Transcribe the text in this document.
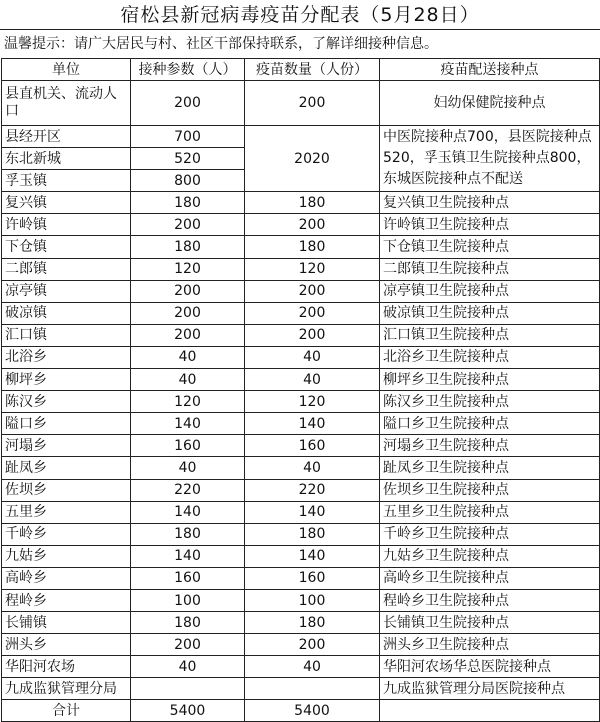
宿松县新冠病毒疫苗分配表（5月28日）
温馨提示：请广大居民与村、社区干部保持联系，了解详细接种信息。
单位	接种参数（人）	疫苗数量（人份）	疫苗配送接种点
县直机关、流动人口	200	200	妇幼保健院接种点
县经开区	700	2020	中医院接种点700，县医院接种点520，孚玉镇卫生院接种点800，东城医院接种点不配送
东北新城	520		
孚玉镇	800		
复兴镇	180	180	复兴镇卫生院接种点
许岭镇	200	200	许岭镇卫生院接种点
下仓镇	180	180	下仓镇卫生院接种点
二郎镇	120	120	二郎镇卫生院接种点
凉亭镇	200	200	凉亭镇卫生院接种点
破凉镇	200	200	破凉镇卫生院接种点
汇口镇	200	200	汇口镇卫生院接种点
北浴乡	40	40	北浴乡卫生院接种点
柳坪乡	40	40	柳坪乡卫生院接种点
陈汉乡	120	120	陈汉乡卫生院接种点
隘口乡	140	140	隘口乡卫生院接种点
河塌乡	160	160	河塌乡卫生院接种点
趾凤乡	40	40	趾凤乡卫生院接种点
佐坝乡	220	220	佐坝乡卫生院接种点
五里乡	140	140	五里乡卫生院接种点
千岭乡	180	180	千岭乡卫生院接种点
九姑乡	140	140	九姑乡卫生院接种点
高岭乡	160	160	高岭乡卫生院接种点
程岭乡	100	100	程岭乡卫生院接种点
长铺镇	180	180	长铺镇卫生院接种点
洲头乡	200	200	洲头乡卫生院接种点
华阳河农场	40	40	华阳河农场华总医院接种点
九成监狱管理分局			九成监狱管理分局医院接种点
合计	5400	5400	
